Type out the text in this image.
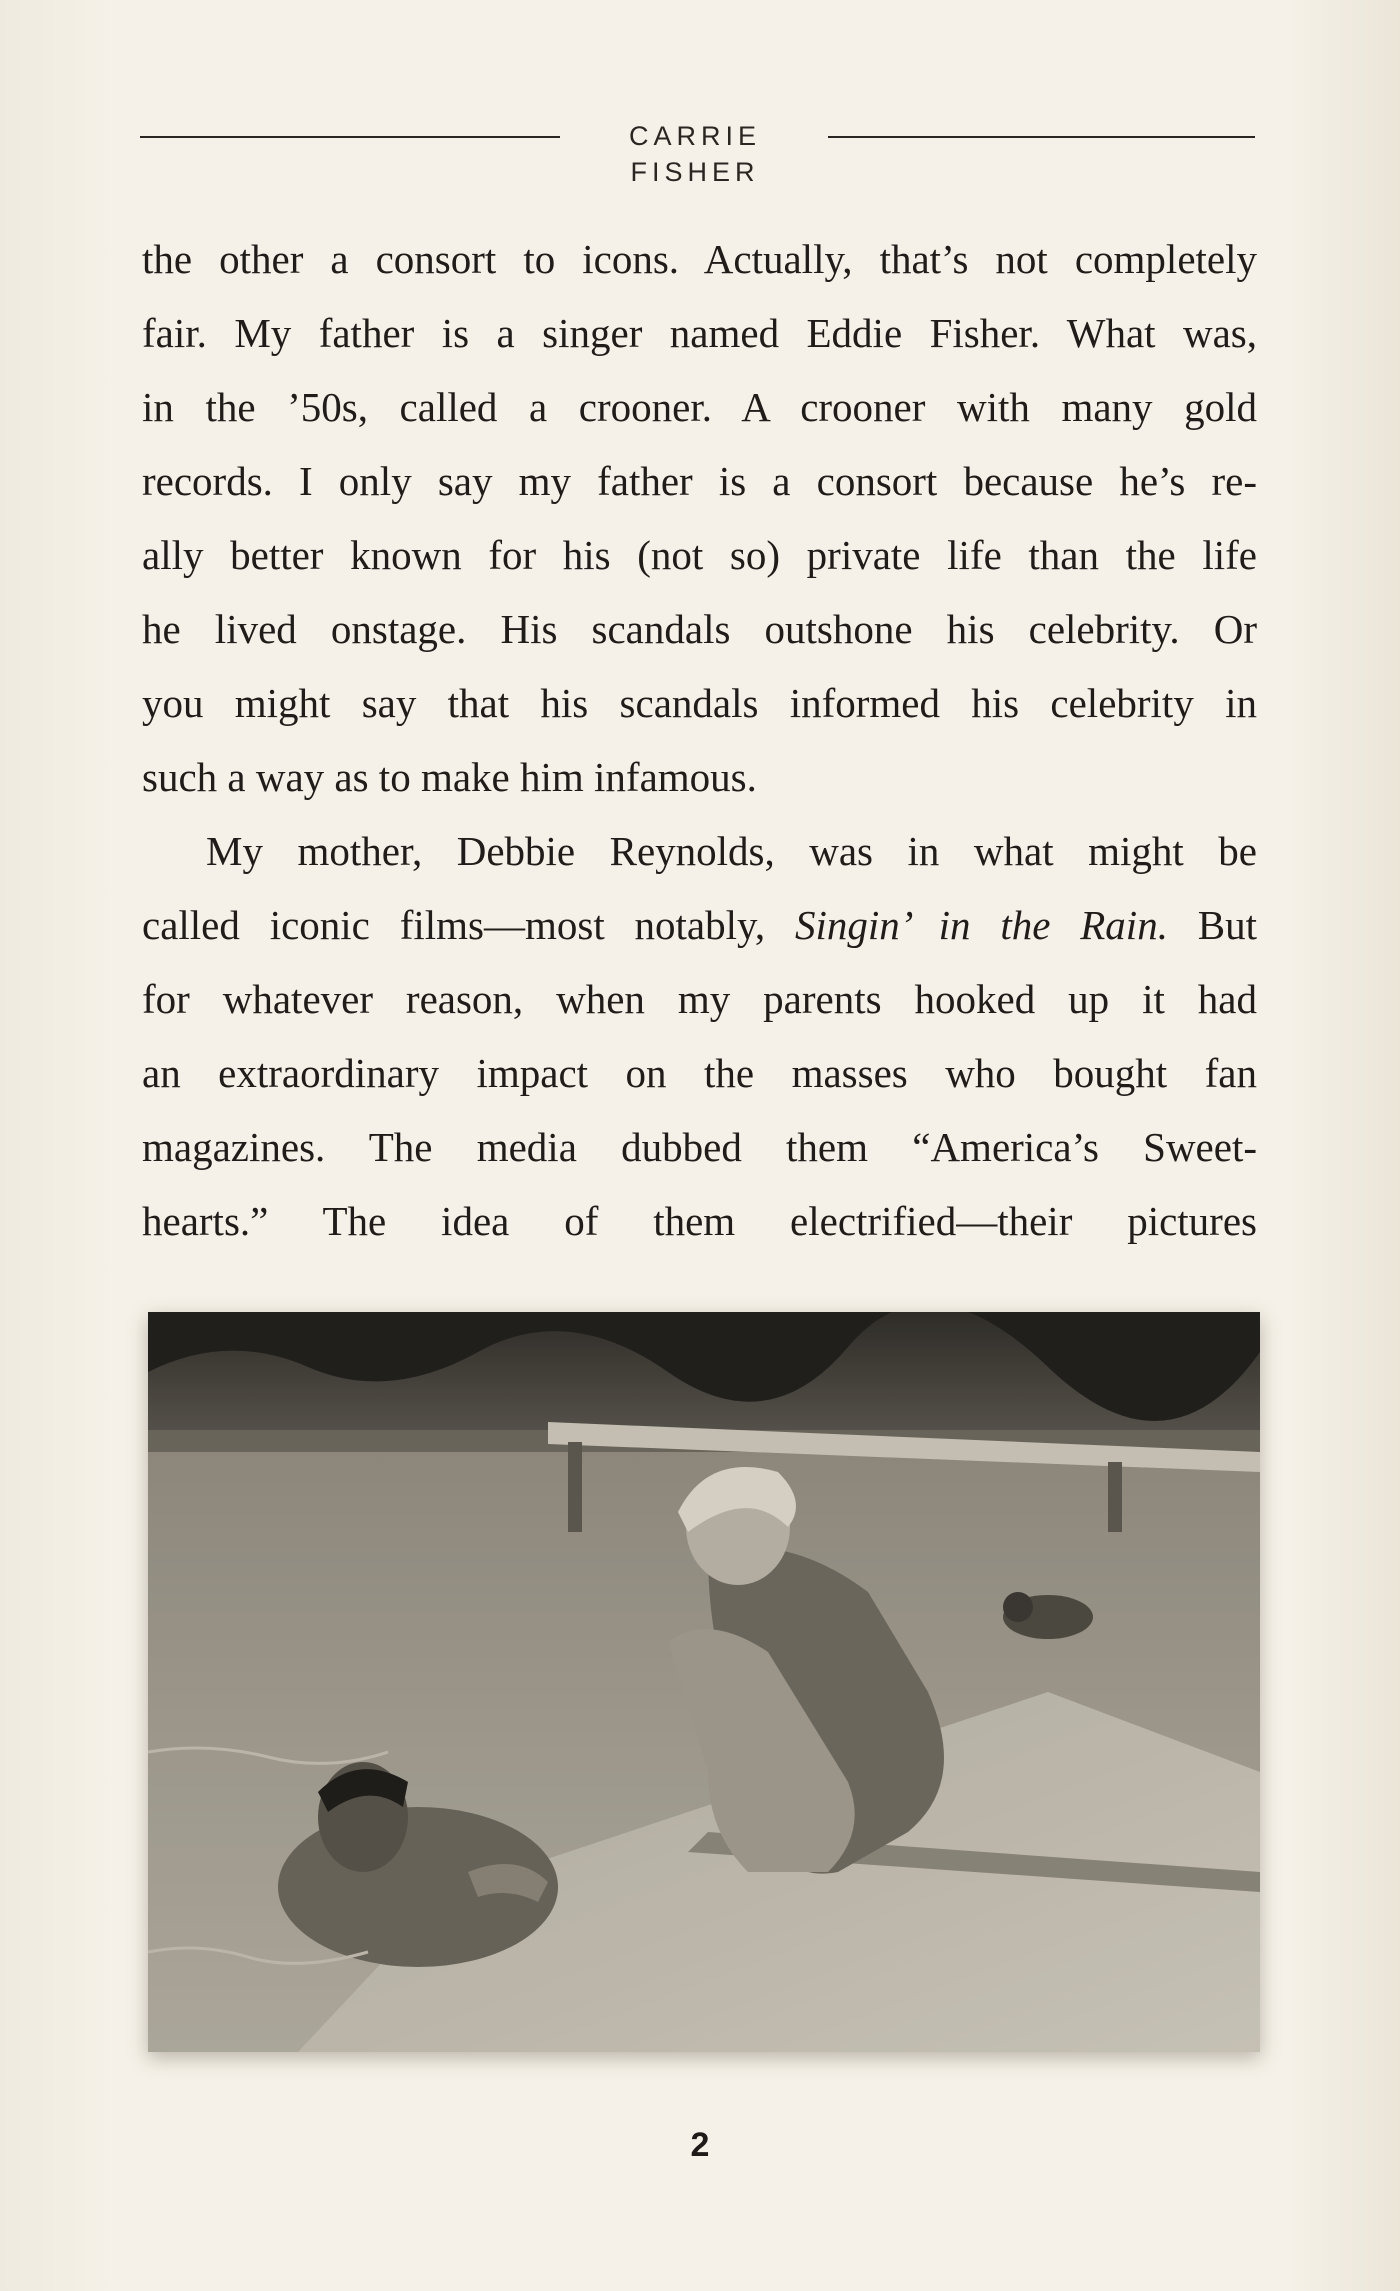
CARRIE FISHER
the other a consort to icons. Actually, that’s not completely
fair. My father is a singer named Eddie Fisher. What was,
in the ’50s, called a crooner. A crooner with many gold
records. I only say my father is a consort because he’s re-
ally better known for his (not so) private life than the life
he lived onstage. His scandals outshone his celebrity. Or
you might say that his scandals informed his celebrity in
such a way as to make him infamous.
My mother, Debbie Reynolds, was in what might be
called iconic films—most notably, Singin’ in the Rain. But
for whatever reason, when my parents hooked up it had
an extraordinary impact on the masses who bought fan
magazines. The media dubbed them “America’s Sweet-
hearts.” The idea of them electrified—their pictures
2
